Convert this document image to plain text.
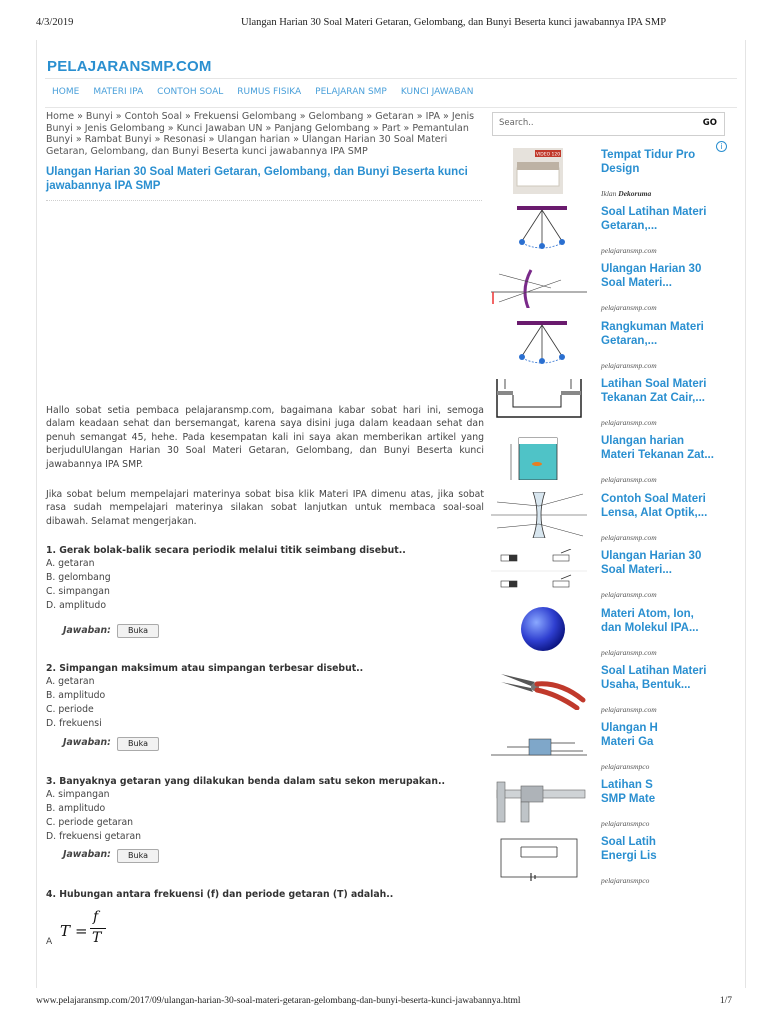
4/3/2019	Ulangan Harian 30 Soal Materi Getaran, Gelombang, dan Bunyi Beserta kunci jawabannya IPA SMP
PELAJARANSMP.COM
HOME MATERI IPA CONTOH SOAL RUMUS FISIKA PELAJARAN SMP KUNCI JAWABAN
Home » Bunyi » Contoh Soal » Frekuensi Gelombang » Gelombang » Getaran » IPA » Jenis Bunyi » Jenis Gelombang » Kunci Jawaban UN » Panjang Gelombang » Part » Pemantulan Bunyi » Rambat Bunyi » Resonasi » Ulangan harian » Ulangan Harian 30 Soal Materi Getaran, Gelombang, dan Bunyi Beserta kunci jawabannya IPA SMP
Search..	GO
Ulangan Harian 30 Soal Materi Getaran, Gelombang, dan Bunyi Beserta kunci jawabannya IPA SMP
Hallo sobat setia pembaca pelajaransmp.com, bagaimana kabar sobat hari ini, semoga dalam keadaan sehat dan bersemangat, karena saya disini juga dalam keadaan sehat dan penuh semangat 45, hehe. Pada kesempatan kali ini saya akan memberikan artikel yang berjudulUlangan Harian 30 Soal Materi Getaran, Gelombang, dan Bunyi Beserta kunci jawabannya IPA SMP.
Jika sobat belum mempelajari materinya sobat bisa klik Materi IPA dimenu atas, jika sobat rasa sudah mempelajari materinya silakan sobat lanjutkan untuk membaca soal-soal dibawah. Selamat mengerjakan.
1. Gerak bolak-balik secara periodik melalui titik seimbang disebut..
A. getaran
B. gelombang
C. simpangan
D. amplitudo
Jawaban:	Buka
2. Simpangan maksimum atau simpangan terbesar disebut..
A. getaran
B. amplitudo
C. periode
D. frekuensi
Jawaban:	Buka
3. Banyaknya getaran yang dilakukan benda dalam satu sekon merupakan..
A. simpangan
B. amplitudo
C. periode getaran
D. frekuensi getaran
Jawaban:	Buka
4. Hubungan antara frekuensi (f) dan periode getaran (T) adalah..
A
T =
f
T
i
VIDEO 120	Tempat Tidur Pro
Design
Iklan Dekoruma
Soal Latihan Materi
Getaran,...
pelajaransmp.com
Ulangan Harian 30
Soal Materi...
pelajaransmp.com
Rangkuman Materi
Getaran,...
pelajaransmp.com
Latihan Soal Materi
Tekanan Zat Cair,...
pelajaransmp.com
Ulangan harian
Materi Tekanan Zat...
pelajaransmp.com
Contoh Soal Materi
Lensa, Alat Optik,...
pelajaransmp.com
Ulangan Harian 30
Soal Materi...
pelajaransmp.com
Materi Atom, Ion,
dan Molekul IPA...
pelajaransmp.com
Soal Latihan Materi
Usaha, Bentuk...
pelajaransmp.com
Ulangan H
Materi Ga
pelajaransmpco
Latihan S
SMP Mate
pelajaransmpco
Soal Latih
Energi Lis
pelajaransmpco
www.pelajaransmp.com/2017/09/ulangan-harian-30-soal-materi-getaran-gelombang-dan-bunyi-beserta-kunci-jawabannya.html	1/7
